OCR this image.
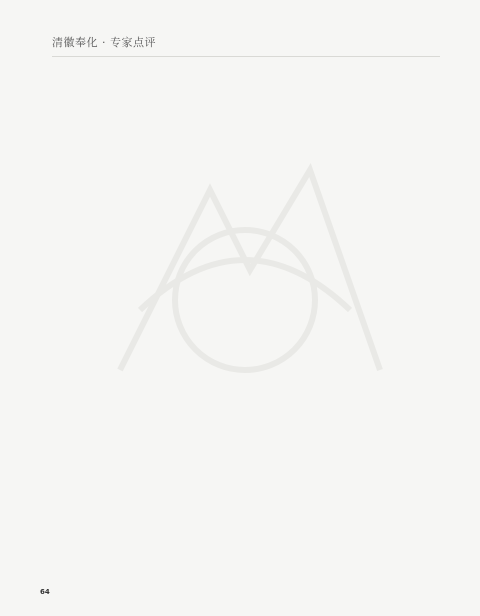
清徽奉化 · 专家点评
64
